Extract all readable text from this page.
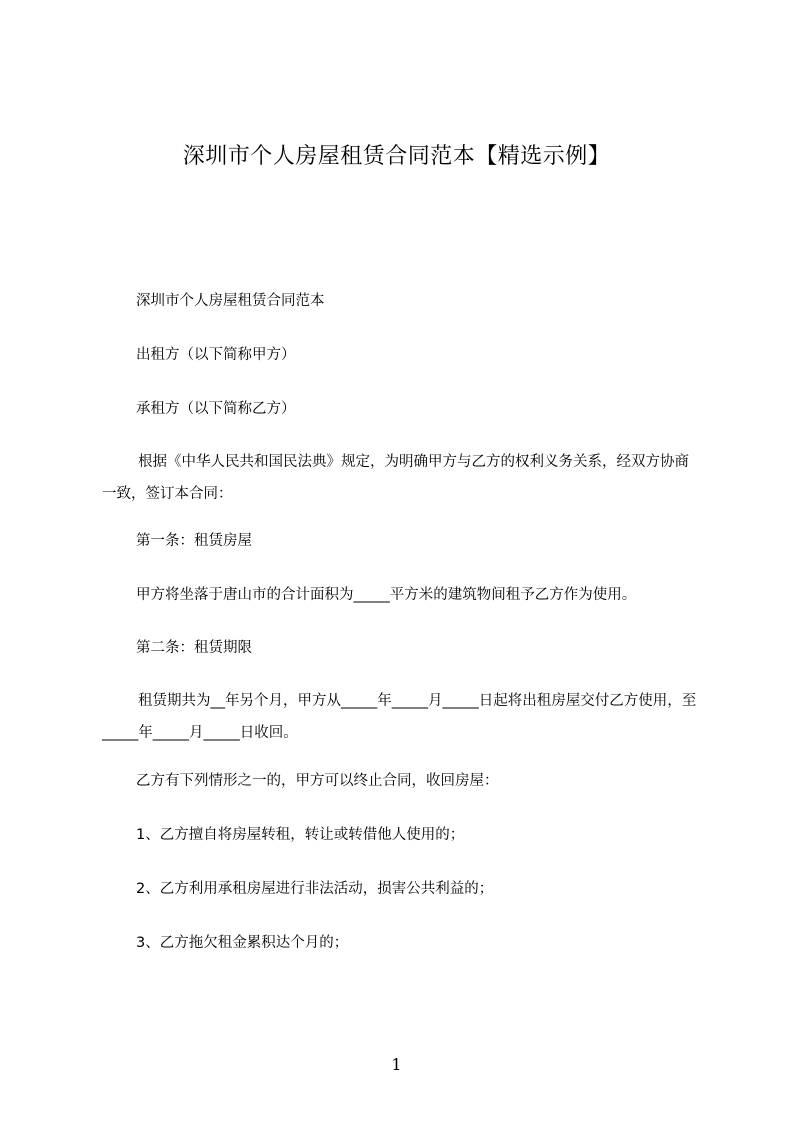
深圳市个人房屋租赁合同范本【精选示例】

深圳市个人房屋租赁合同范本

出租方（以下简称甲方）

承租方（以下简称乙方）

根据《中华人民共和国民法典》规定，为明确甲方与乙方的权利义务关系，经双方协商一致，签订本合同：

第一条：租赁房屋

甲方将坐落于唐山市的合计面积为_____平方米的建筑物间租予乙方作为使用。

第二条：租赁期限

租赁期共为__年另个月，甲方从_____年_____月_____日起将出租房屋交付乙方使用，至_____年_____月_____日收回。

乙方有下列情形之一的，甲方可以终止合同，收回房屋：

1、乙方擅自将房屋转租，转让或转借他人使用的；

2、乙方利用承租房屋进行非法活动，损害公共利益的；

3、乙方拖欠租金累积达个月的；

1
